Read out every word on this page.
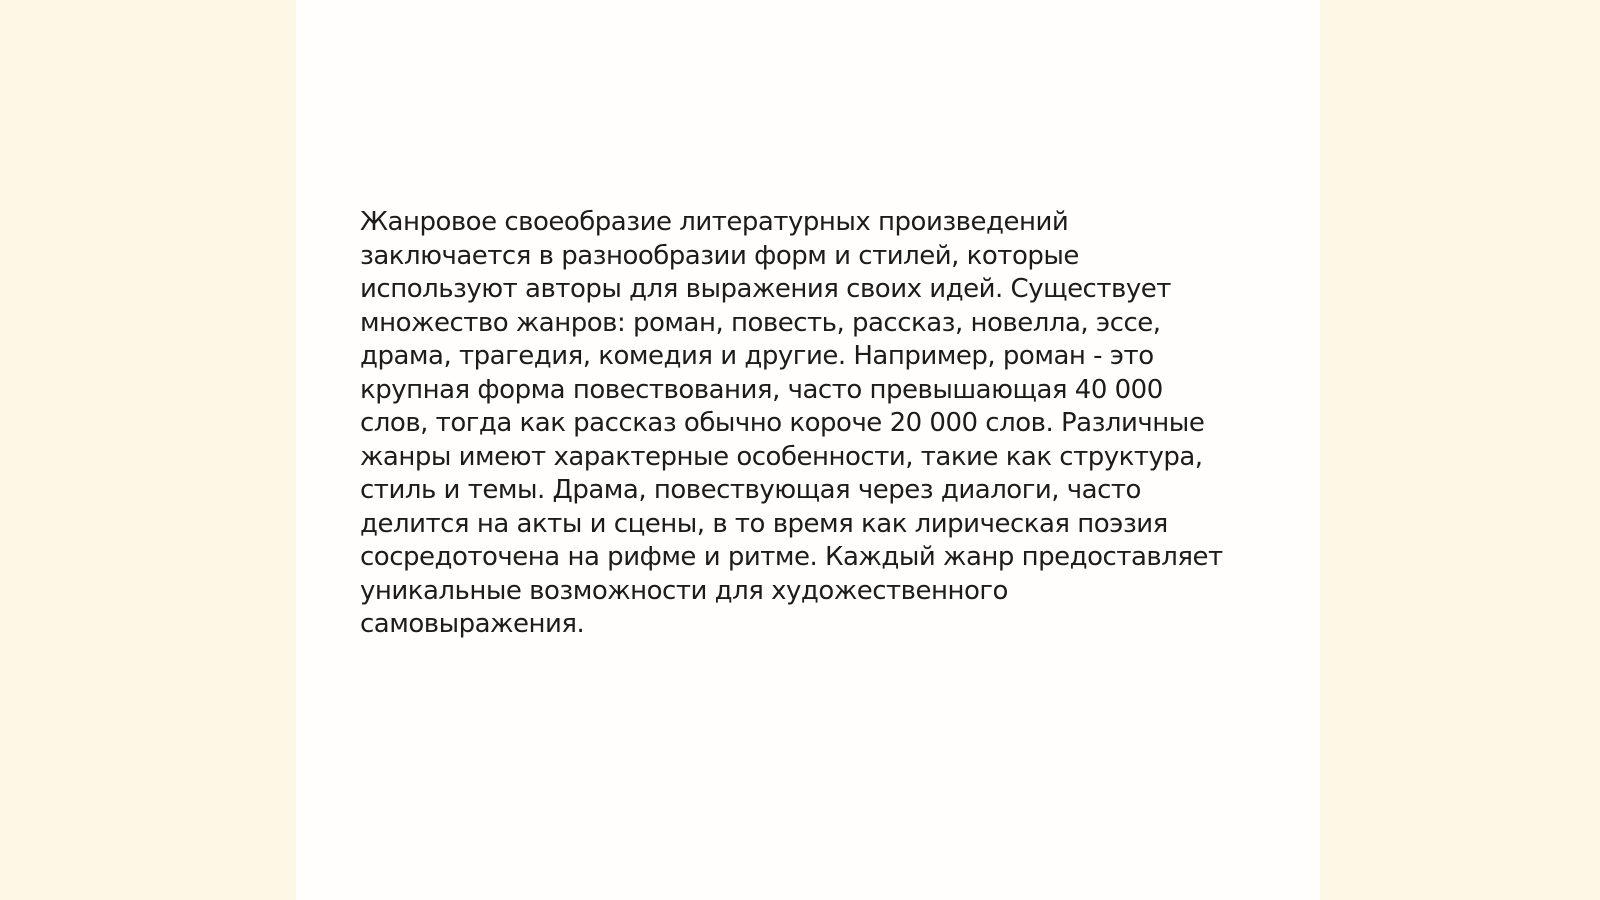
Жанровое своеобразие литературных произведений
заключается в разнообразии форм и стилей, которые
используют авторы для выражения своих идей. Существует
множество жанров: роман, повесть, рассказ, новелла, эссе,
драма, трагедия, комедия и другие. Например, роман - это
крупная форма повествования, часто превышающая 40 000
слов, тогда как рассказ обычно короче 20 000 слов. Различные
жанры имеют характерные особенности, такие как структура,
стиль и темы. Драма, повествующая через диалоги, часто
делится на акты и сцены, в то время как лирическая поэзия
сосредоточена на рифме и ритме. Каждый жанр предоставляет
уникальные возможности для художественного
самовыражения.
